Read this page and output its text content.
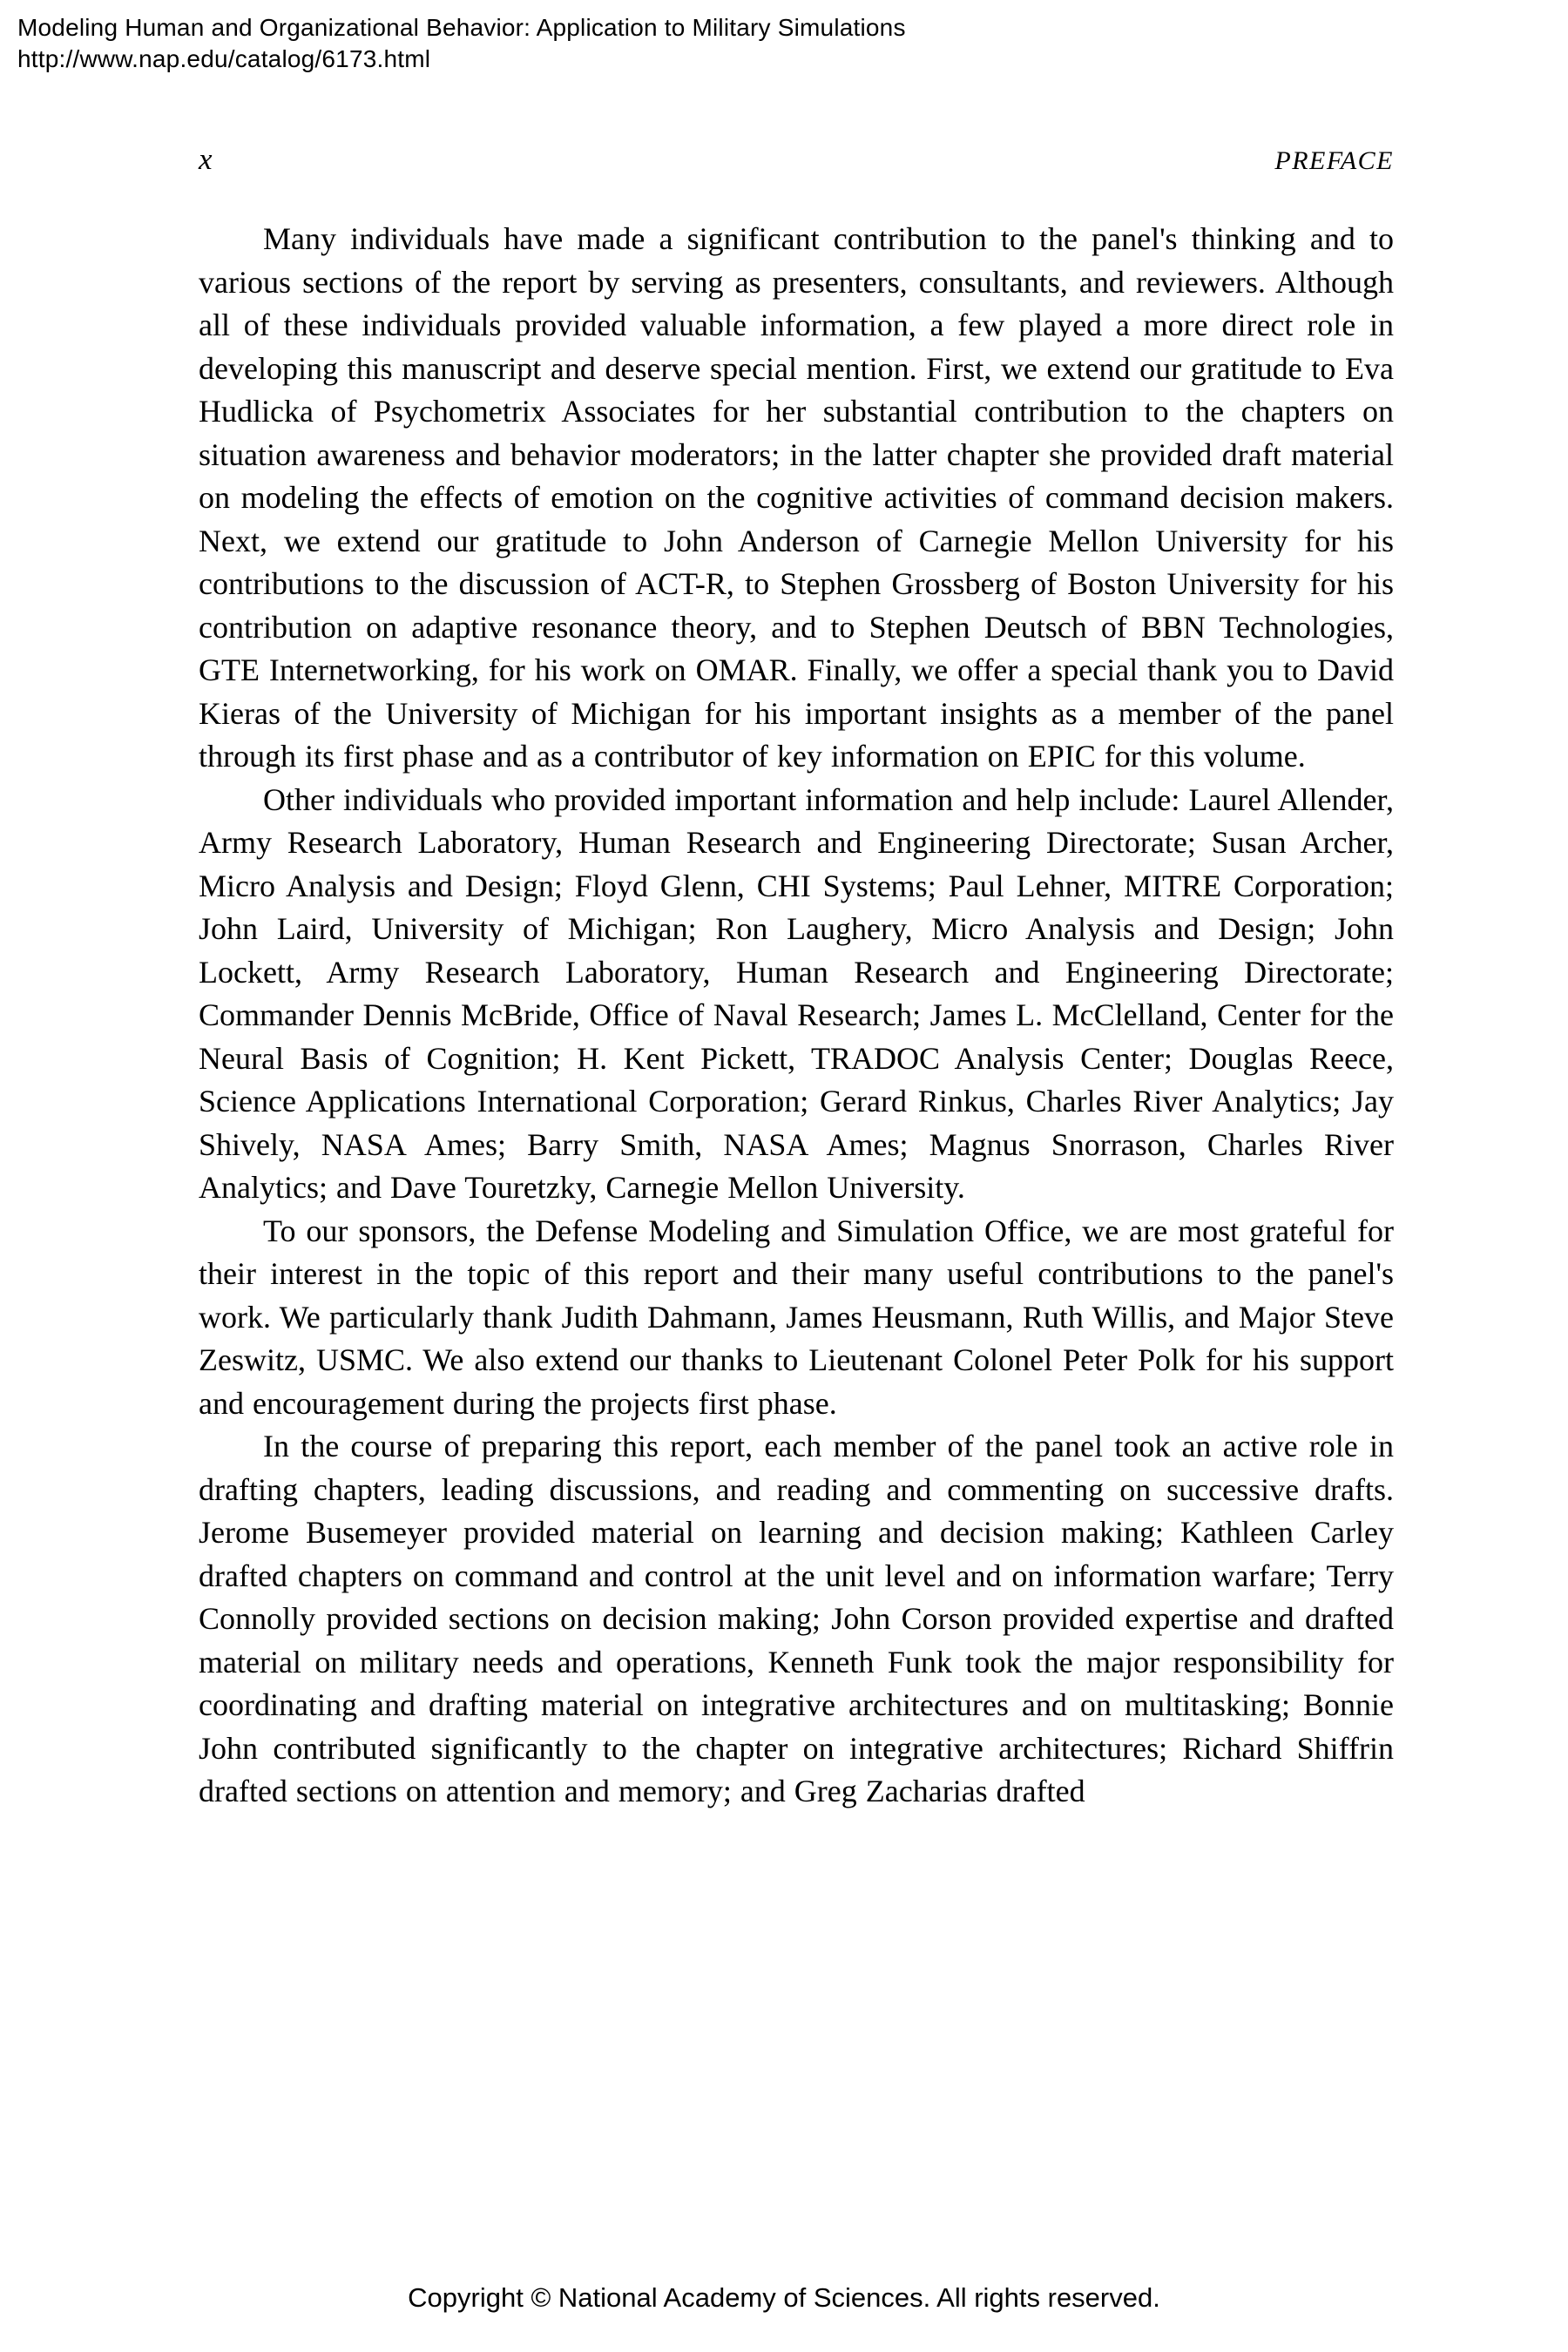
Modeling Human and Organizational Behavior: Application to Military Simulations
http://www.nap.edu/catalog/6173.html
x	PREFACE

Many individuals have made a significant contribution to the panel's thinking and to various sections of the report by serving as presenters, consultants, and reviewers. Although all of these individuals provided valuable information, a few played a more direct role in developing this manuscript and deserve special mention. First, we extend our gratitude to Eva Hudlicka of Psychometrix Associates for her substantial contribution to the chapters on situation awareness and behavior moderators; in the latter chapter she provided draft material on modeling the effects of emotion on the cognitive activities of command decision makers. Next, we extend our gratitude to John Anderson of Carnegie Mellon University for his contributions to the discussion of ACT-R, to Stephen Grossberg of Boston University for his contribution on adaptive resonance theory, and to Stephen Deutsch of BBN Technologies, GTE Internetworking, for his work on OMAR. Finally, we offer a special thank you to David Kieras of the University of Michigan for his important insights as a member of the panel through its first phase and as a contributor of key information on EPIC for this volume.

Other individuals who provided important information and help include: Laurel Allender, Army Research Laboratory, Human Research and Engineering Directorate; Susan Archer, Micro Analysis and Design; Floyd Glenn, CHI Systems; Paul Lehner, MITRE Corporation; John Laird, University of Michigan; Ron Laughery, Micro Analysis and Design; John Lockett, Army Research Laboratory, Human Research and Engineering Directorate; Commander Dennis McBride, Office of Naval Research; James L. McClelland, Center for the Neural Basis of Cognition; H. Kent Pickett, TRADOC Analysis Center; Douglas Reece, Science Applications International Corporation; Gerard Rinkus, Charles River Analytics; Jay Shively, NASA Ames; Barry Smith, NASA Ames; Magnus Snorrason, Charles River Analytics; and Dave Touretzky, Carnegie Mellon University.

To our sponsors, the Defense Modeling and Simulation Office, we are most grateful for their interest in the topic of this report and their many useful contributions to the panel's work. We particularly thank Judith Dahmann, James Heusmann, Ruth Willis, and Major Steve Zeswitz, USMC. We also extend our thanks to Lieutenant Colonel Peter Polk for his support and encouragement during the projects first phase.

In the course of preparing this report, each member of the panel took an active role in drafting chapters, leading discussions, and reading and commenting on successive drafts. Jerome Busemeyer provided material on learning and decision making; Kathleen Carley drafted chapters on command and control at the unit level and on information warfare; Terry Connolly provided sections on decision making; John Corson provided expertise and drafted material on military needs and operations, Kenneth Funk took the major responsibility for coordinating and drafting material on integrative architectures and on multitasking; Bonnie John contributed significantly to the chapter on integrative architectures; Richard Shiffrin drafted sections on attention and memory; and Greg Zacharias drafted

Copyright © National Academy of Sciences. All rights reserved.
